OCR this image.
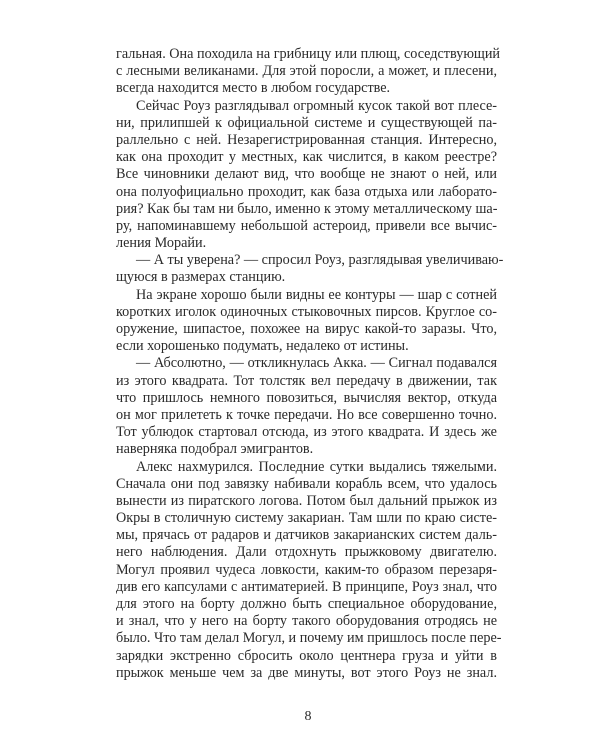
гальная. Она походила на грибницу или плющ, соседствующий
с лесными великанами. Для этой поросли, а может, и плесени,
всегда находится место в любом государстве.
Сейчас Роуз разглядывал огромный кусок такой вот плесе-
ни, прилипшей к официальной системе и существующей па-
раллельно с ней. Незарегистрированная станция. Интересно,
как она проходит у местных, как числится, в каком реестре?
Все чиновники делают вид, что вообще не знают о ней, или
она полуофициально проходит, как база отдыха или лаборато-
рия? Как бы там ни было, именно к этому металлическому ша-
ру, напоминавшему небольшой астероид, привели все вычис-
ления Морайи.
— А ты уверена? — спросил Роуз, разглядывая увеличиваю-
щуюся в размерах станцию.
На экране хорошо были видны ее контуры — шар с сотней
коротких иголок одиночных стыковочных пирсов. Круглое со-
оружение, шипастое, похожее на вирус какой-то заразы. Что,
если хорошенько подумать, недалеко от истины.
— Абсолютно, — откликнулась Акка. — Сигнал подавался
из этого квадрата. Тот толстяк вел передачу в движении, так
что пришлось немного повозиться, вычисляя вектор, откуда
он мог прилететь к точке передачи. Но все совершенно точно.
Тот ублюдок стартовал отсюда, из этого квадрата. И здесь же
наверняка подобрал эмигрантов.
Алекс нахмурился. Последние сутки выдались тяжелыми.
Сначала они под завязку набивали корабль всем, что удалось
вынести из пиратского логова. Потом был дальний прыжок из
Окры в столичную систему закариан. Там шли по краю систе-
мы, прячась от радаров и датчиков закарианских систем даль-
него наблюдения. Дали отдохнуть прыжковому двигателю.
Могул проявил чудеса ловкости, каким-то образом перезаря-
див его капсулами с антиматерией. В принципе, Роуз знал, что
для этого на борту должно быть специальное оборудование,
и знал, что у него на борту такого оборудования отродясь не
было. Что там делал Могул, и почему им пришлось после пере-
зарядки экстренно сбросить около центнера груза и уйти в
прыжок меньше чем за две минуты, вот этого Роуз не знал.
8
